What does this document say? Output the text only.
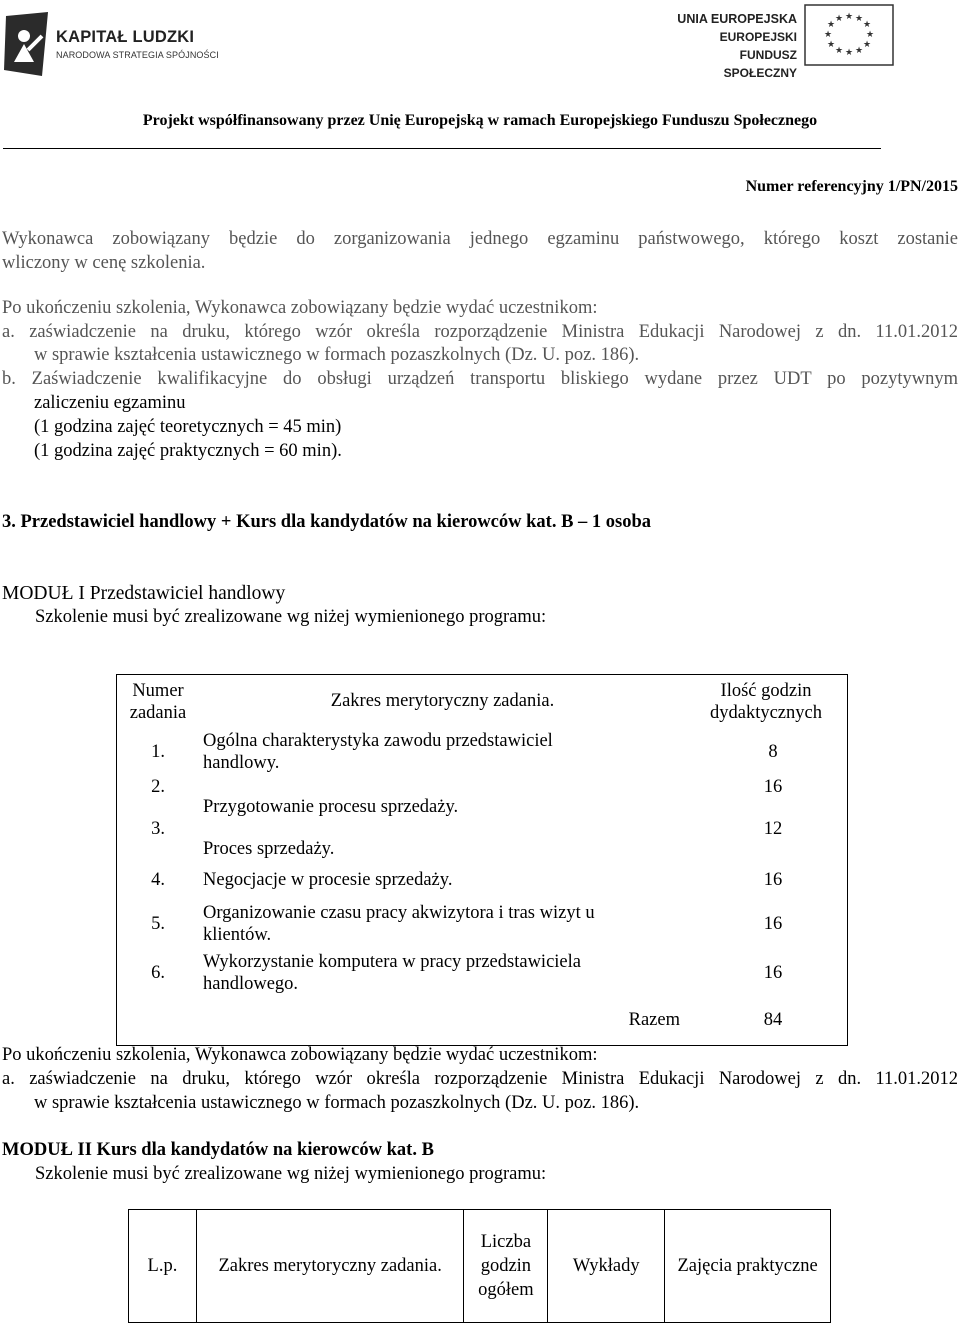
KAPITAŁ LUDZKI
NARODOWA STRATEGIA SPÓJNOŚCI
UNIA EUROPEJSKA
EUROPEJSKI
FUNDUSZ SPOŁECZNY
★ ★
★
★
★
★
★
★
★
★
★
★
Projekt współfinansowany przez Unię Europejską w ramach Europejskiego Funduszu Społecznego
Numer referencyjny 1/PN/2015
Wykonawca zobowiązany będzie do zorganizowania jednego egzaminu państwowego, którego koszt zostanie
wliczony w cenę szkolenia.
Po ukończeniu szkolenia, Wykonawca zobowiązany będzie wydać uczestnikom:
a. zaświadczenie na druku, którego wzór określa rozporządzenie Ministra Edukacji Narodowej z dn. 11.01.2012
w sprawie kształcenia ustawicznego w formach pozaszkolnych (Dz. U. poz. 186).
b. Zaświadczenie kwalifikacyjne do obsługi urządzeń transportu bliskiego wydane przez UDT po pozytywnym
zaliczeniu egzaminu
(1 godzina zajęć teoretycznych = 45 min)
(1 godzina zajęć praktycznych = 60 min).
3. Przedstawiciel handlowy + Kurs dla kandydatów na kierowców kat. B – 1 osoba
MODUŁ I Przedstawiciel handlowy
Szkolenie musi być zrealizowane wg niżej wymienionego programu:
Numer zadania	Zakres merytoryczny zadania.	Ilość godzin dydaktycznych
1.	Ogólna charakterystyka zawodu przedstawiciel handlowy.	8
2.	Przygotowanie procesu sprzedaży.	16
3.	Proces sprzedaży.	12
4.	Negocjacje w procesie sprzedaży.	16
5.	Organizowanie czasu pracy akwizytora i tras wizyt u klientów.	16
6.	Wykorzystanie komputera w pracy przedstawiciela handlowego.	16
	Razem	84
Po ukończeniu szkolenia, Wykonawca zobowiązany będzie wydać uczestnikom:
a. zaświadczenie na druku, którego wzór określa rozporządzenie Ministra Edukacji Narodowej z dn. 11.01.2012
w sprawie kształcenia ustawicznego w formach pozaszkolnych (Dz. U. poz. 186).
MODUŁ II Kurs dla kandydatów na kierowców kat. B
Szkolenie musi być zrealizowane wg niżej wymienionego programu:
L.p.	Zakres merytoryczny zadania.	Liczba godzin ogółem	Wykłady	Zajęcia praktyczne
